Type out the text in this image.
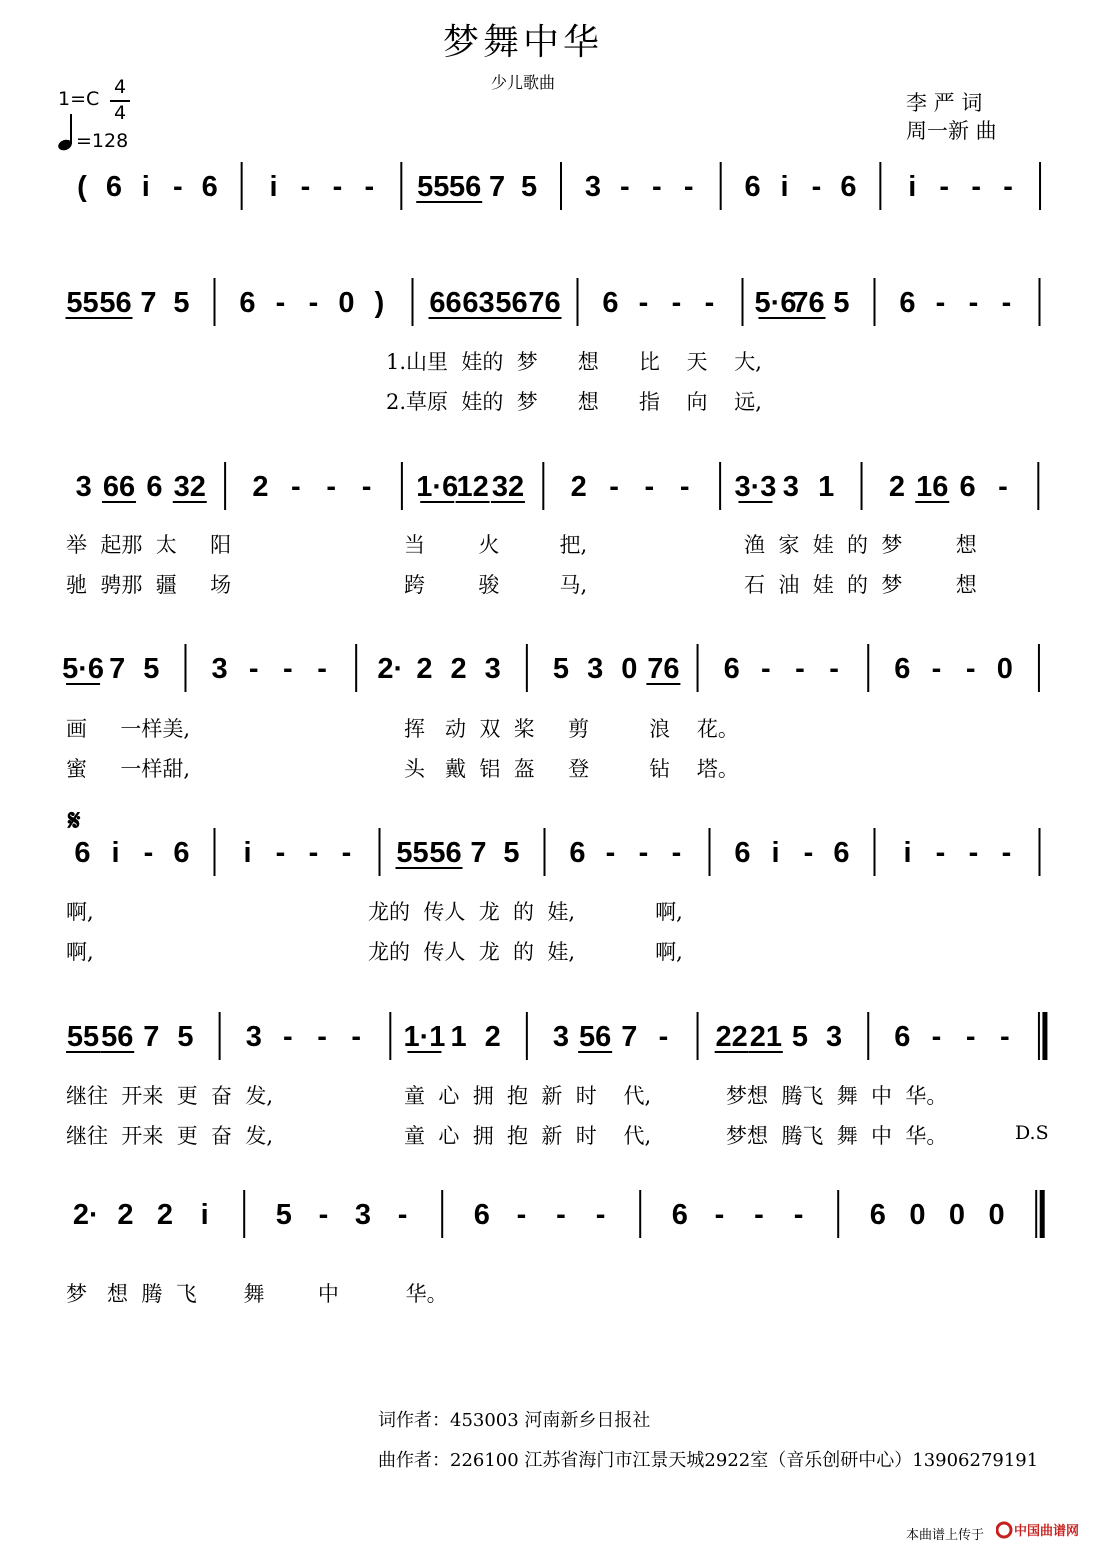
梦舞中华
少儿歌曲
1=C
4
4
=128
李 严 词
周一新 曲
( 6 i - 6 i - - - 55 56 7 5 3 - - - 6 i - 6 i - - -
55 56 7 5 6 - - 0 ) 66 63 56 76 6 - - - 5·6
76 5 6 - - -
3 66 6 32 2 - - - 1·6
12 32 2 - - - 3·3 3 1 2 16 6 -
5·6 7 5 3 - - - 2· 2 2 3 5 3 0 76 6 - - - 6 - - 0
6 i - 6 i - - - 55 56 7 5 6 - - - 6 i - 6 i - - -
55 56 7 5 3 - - - 1·1 1 2 3 56 7 - 22 21 5 3 6 - - -
2· 2 2 i 5 - 3 - 6 - - - 6 - - - 6 0 0 0
𝄋
1.山里  娃的  梦      想      比    天    大,
2.草原  娃的  梦      想      指    向    远,
举  起那  太     阳
驰  骋那  疆     场
当        火         把,
跨        骏         马,
渔  家  娃  的  梦        想
石  油  娃  的  梦        想
画     一样美,
蜜     一样甜,
挥   动  双  桨     剪         浪    花。
头   戴  铝  盔     登         钻    塔。
啊,
啊,
龙的  传人  龙  的  娃,            啊,
龙的  传人  龙  的  娃,            啊,
继往  开来  更  奋  发,
继往  开来  更  奋  发,
童  心  拥  抱  新  时    代,
童  心  拥  抱  新  时    代,
梦想  腾飞  舞  中  华。
梦想  腾飞  舞  中  华。	D.S
梦   想  腾  飞       舞        中          华。
词作者：453003 河南新乡日报社
曲作者：226100 江苏省海门市江景天城2922室（音乐创研中心）13906279191
本曲谱上传于 中国曲谱网
